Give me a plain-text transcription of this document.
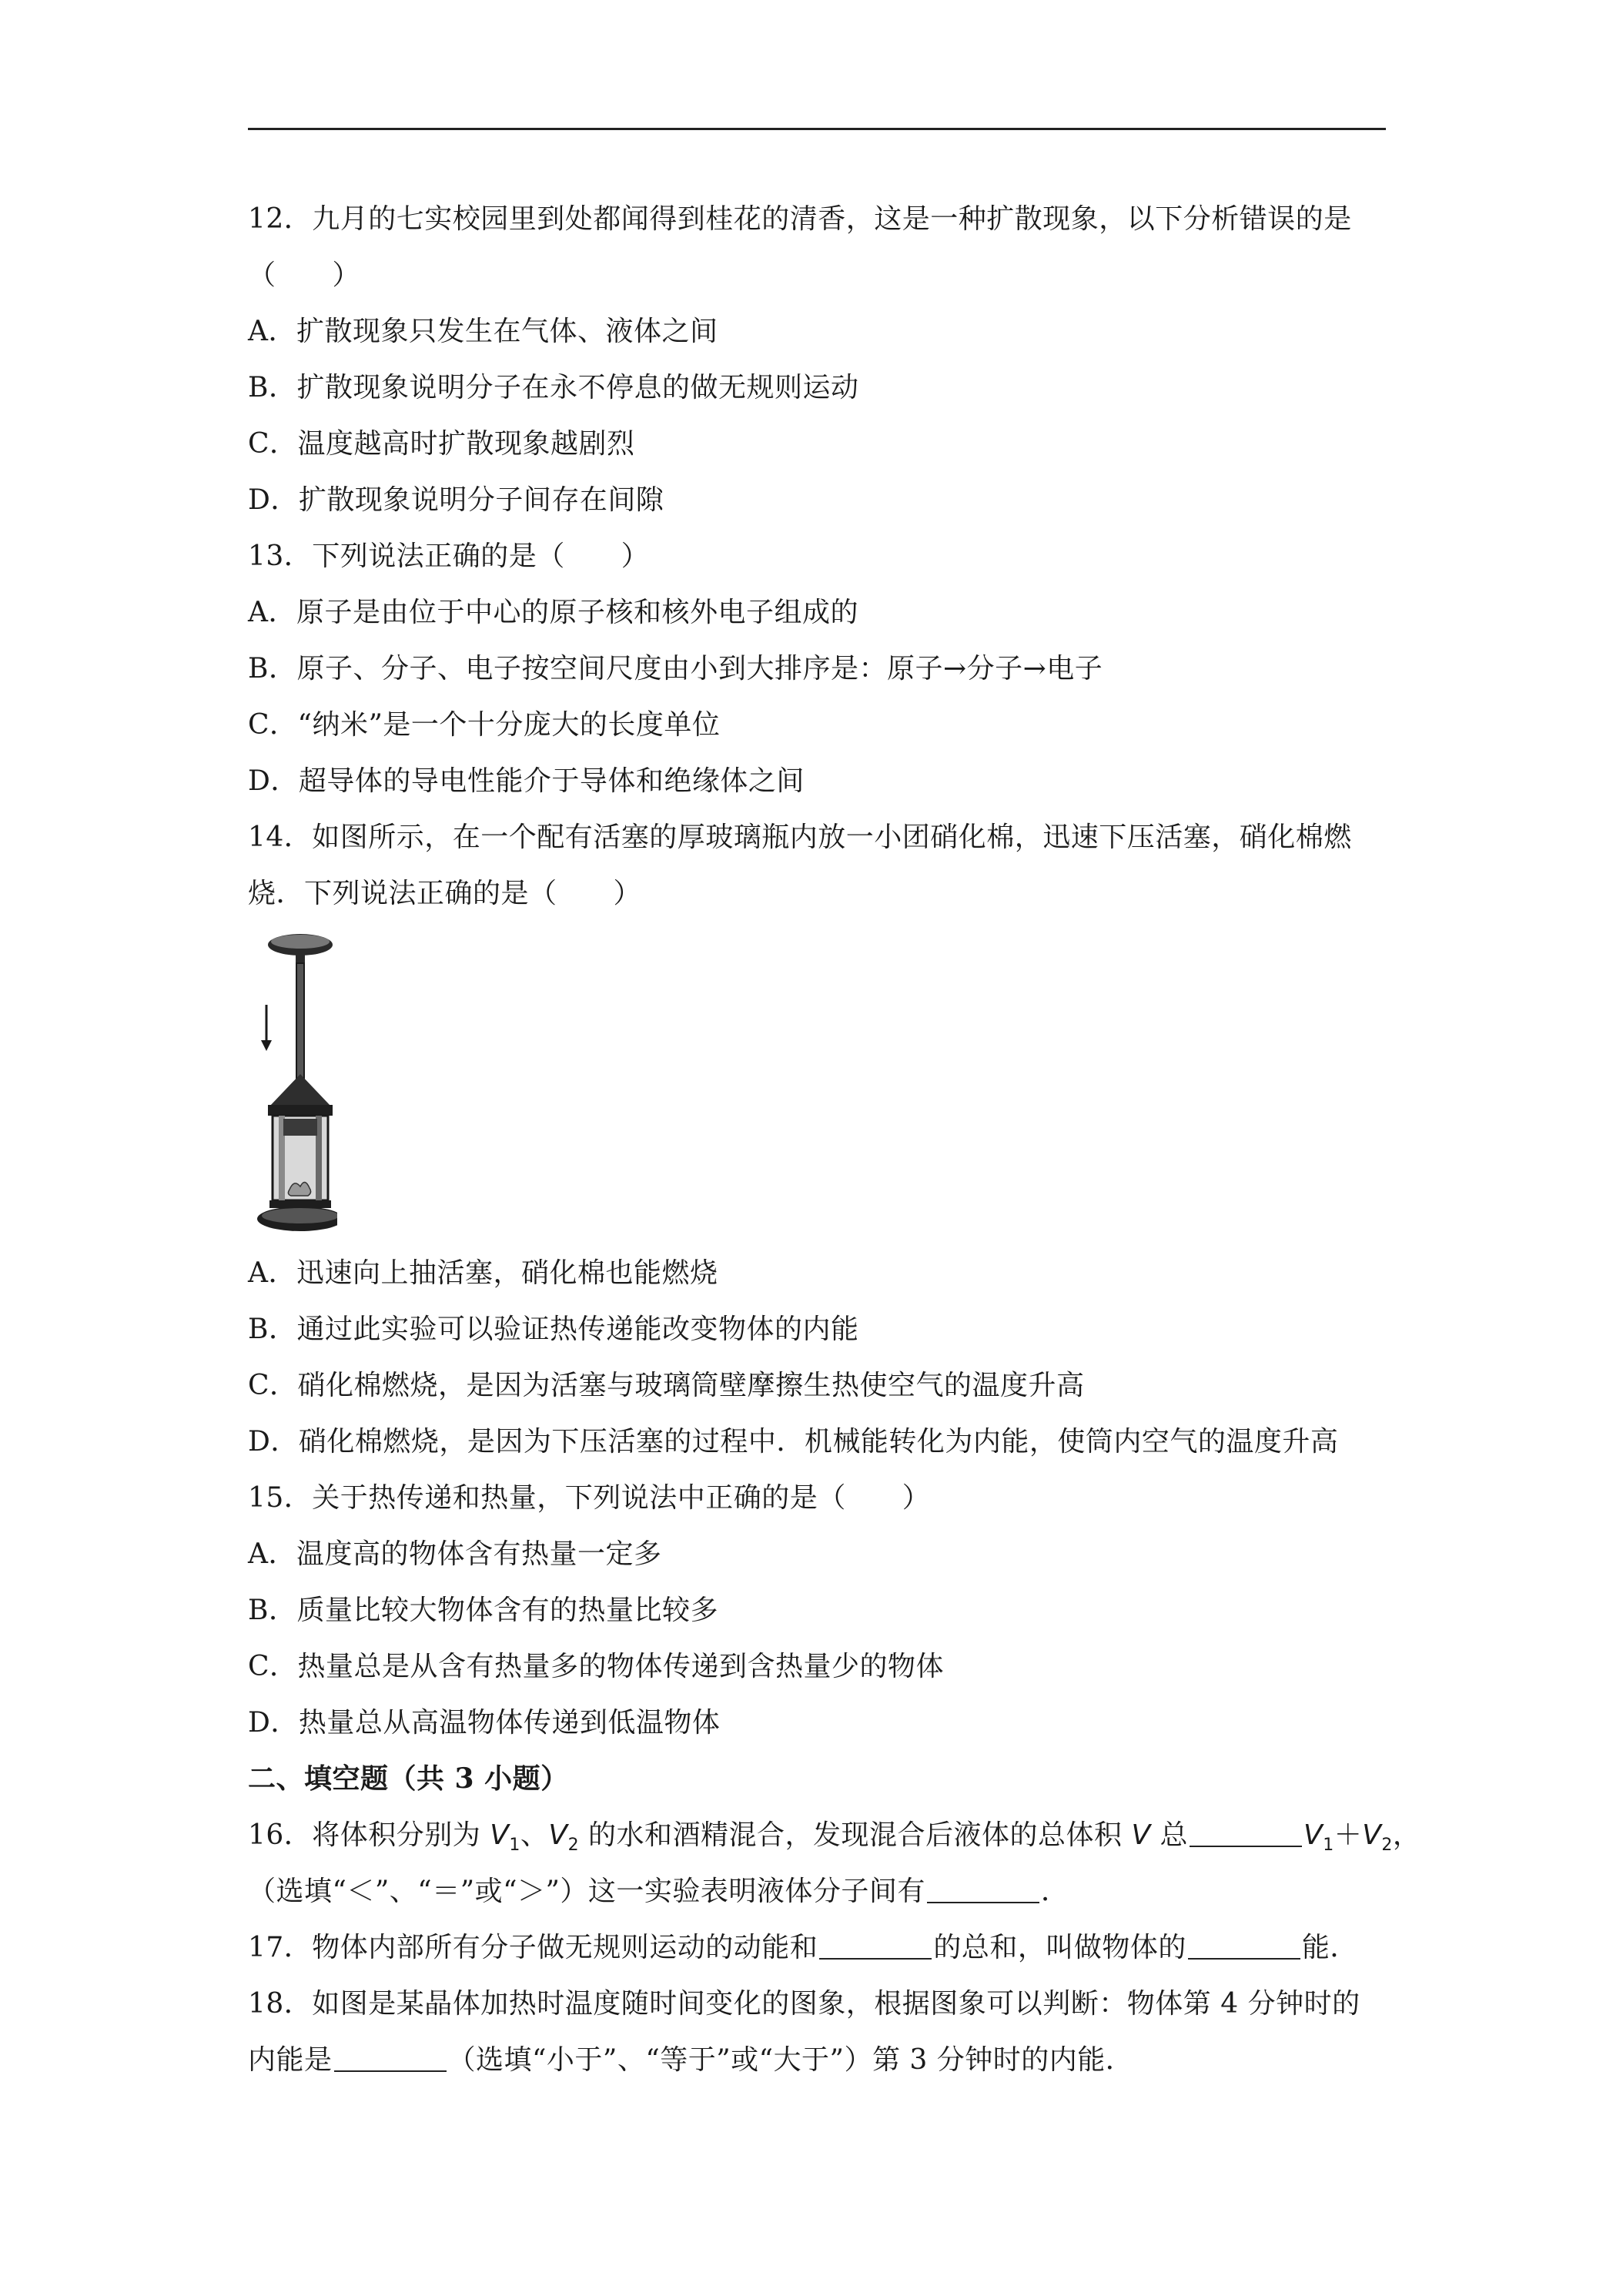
12．九月的七实校园里到处都闻得到桂花的清香，这是一种扩散现象，以下分析错误的是
（　　）
A．扩散现象只发生在气体、液体之间
B．扩散现象说明分子在永不停息的做无规则运动
C．温度越高时扩散现象越剧烈
D．扩散现象说明分子间存在间隙
13．下列说法正确的是（　　）
A．原子是由位于中心的原子核和核外电子组成的
B．原子、分子、电子按空间尺度由小到大排序是：原子→分子→电子
C．“纳米”是一个十分庞大的长度单位
D．超导体的导电性能介于导体和绝缘体之间
14．如图所示，在一个配有活塞的厚玻璃瓶内放一小团硝化棉，迅速下压活塞，硝化棉燃
烧．下列说法正确的是（　　）
A．迅速向上抽活塞，硝化棉也能燃烧
B．通过此实验可以验证热传递能改变物体的内能
C．硝化棉燃烧，是因为活塞与玻璃筒壁摩擦生热使空气的温度升高
D．硝化棉燃烧，是因为下压活塞的过程中．机械能转化为内能，使筒内空气的温度升高
15．关于热传递和热量，下列说法中正确的是（　　）
A．温度高的物体含有热量一定多
B．质量比较大物体含有的热量比较多
C．热量总是从含有热量多的物体传递到含热量少的物体
D．热量总从高温物体传递到低温物体
二、填空题（共 3 小题）
16．将体积分别为 $V_1$、$V_2$ 的水和酒精混合，发现混合后液体的总体积 V 总	$V_1+V_2$，
（选填“＜”、“＝”或“＞”）这一实验表明液体分子间有	．
17．物体内部所有分子做无规则运动的动能和	的总和，叫做物体的	能．
18．如图是某晶体加热时温度随时间变化的图象，根据图象可以判断：物体第 4 分钟时的
内能是	（选填“小于”、“等于”或“大于”）第 3 分钟时的内能．
